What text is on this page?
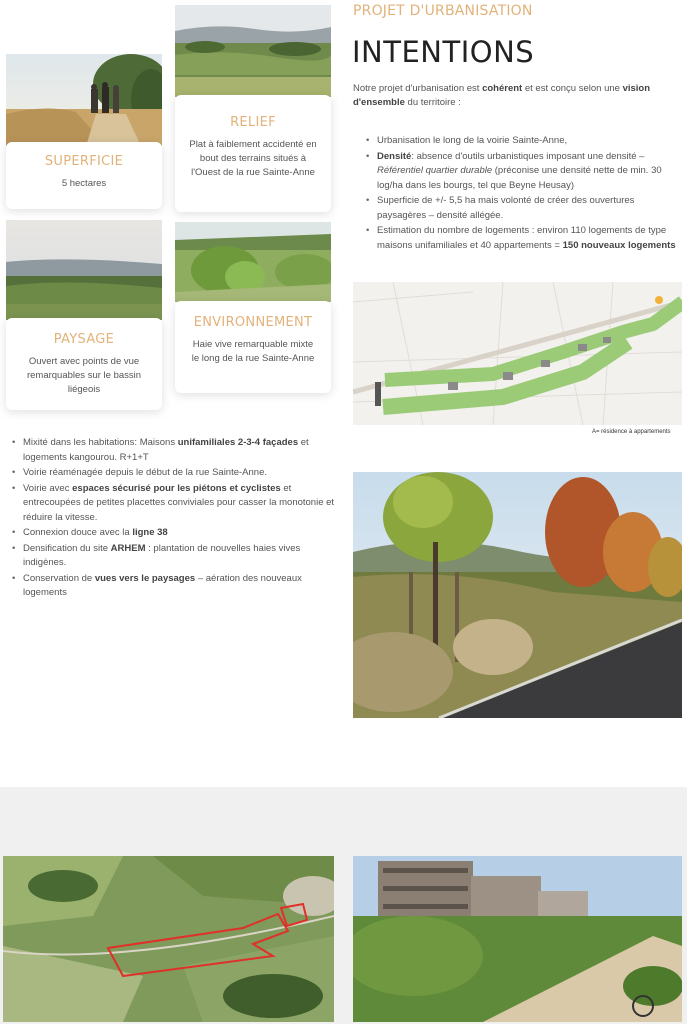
SUPERFICIE

5 hectares

RELIEF

Plat à faiblement accidenté en bout des terrains situés à l'Ouest de la rue Sainte-Anne

PAYSAGE

Ouvert avec points de vue remarquables sur le bassin liégeois

ENVIRONNEMENT

Haie vive remarquable mixte le long de la rue Sainte-Anne

PROJET D'URBANISATION
INTENTIONS

Notre projet d'urbanisation est cohérent et est conçu selon une vision d'ensemble du territoire :

• Urbanisation le long de la voirie Sainte-Anne,
• Densité: absence d'outils urbanistiques imposant une densité – Référentiel quartier durable (préconise une densité nette de min. 30 log/ha dans les bourgs, tel que Beyne Heusay)
• Superficie de +/- 5,5 ha mais volonté de créer des ouvertures paysagères – densité allégée.
• Estimation du nombre de logements : environ 110 logements de type maisons unifamiliales et 40 appartements = 150 nouveaux logements
A= résidence à appartements
• Mixité dans les habitations: Maisons unifamiliales 2-3-4 façades et logements kangourou. R+1+T
• Voirie réaménagée depuis le début de la rue Sainte-Anne.
• Voirie avec espaces sécurisé pour les piétons et cyclistes et entrecoupées de petites placettes conviviales pour casser la monotonie et réduire la vitesse.
• Connexion douce avec la ligne 38
• Densification du site ARHEM : plantation de nouvelles haies vives indigènes.
• Conservation de vues vers le paysages – aération des nouveaux logements
